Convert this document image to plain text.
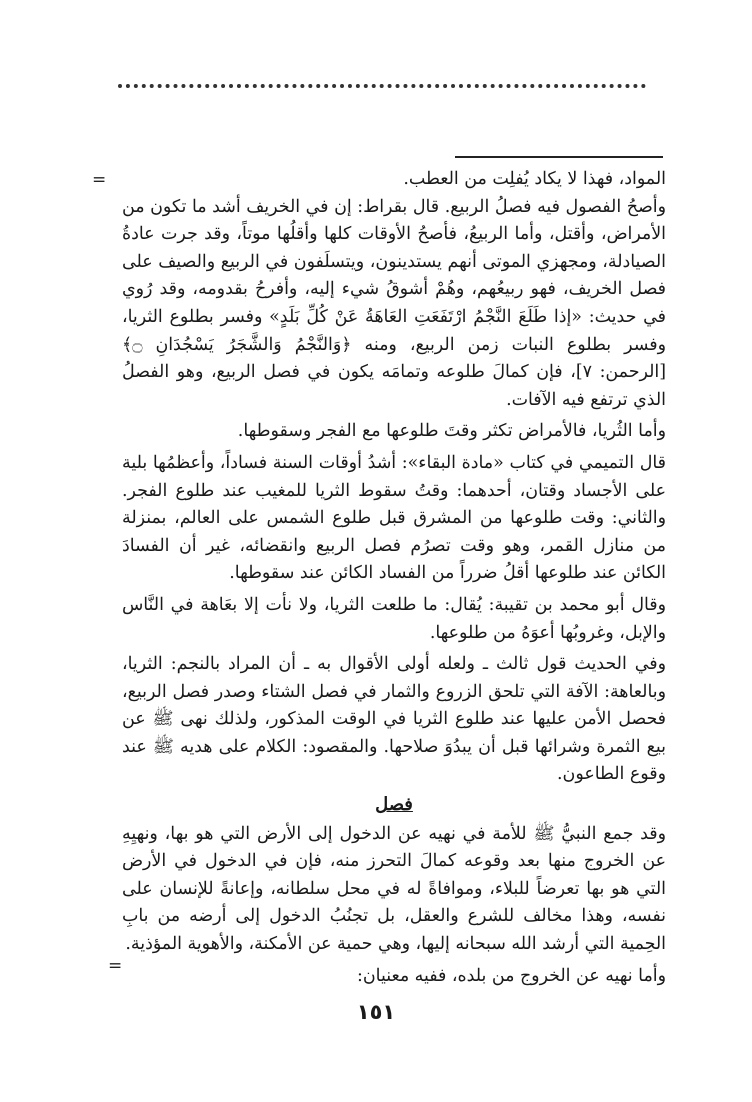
=	المواد، فهذا لا يكاد يُفلِت من العطب.

وأصحُ الفصول فيه فصلُ الربيع. قال بقراط: إن في الخريف أشد ما تكون من الأمراض، وأقتل، وأما الربيعُ، فأصحُ الأوقات كلها وأقلُها موتاً، وقد جرت عادةُ الصيادلة، ومجهزي الموتى أنهم يستدينون، ويتسلَفون في الربيع والصيف على فصل الخريف، فهو ربيعُهم، وهُمْ أشوقُ شيء إليه، وأفرحُ بقدومه، وقد رُوي في حديث: «إذا طَلَعَ النَّجْمُ ارْتَفَعَتِ العَاهَةُ عَنْ كُلِّ بَلَدٍ» وفسر بطلوع الثريا، وفسر بطلوع النبات زمن الربيع، ومنه ﴿وَالنَّجْمُ وَالشَّجَرُ يَسْجُدَانِ ۝﴾ [الرحمن: ٧]، فإن كمالَ طلوعه وتمامَه يكون في فصل الربيع، وهو الفصلُ الذي ترتفع فيه الآفات.

وأما الثُريا، فالأمراض تكثر وقتَ طلوعها مع الفجر وسقوطها.

قال التميمي في كتاب «مادة البقاء»: أشدُ أوقات السنة فساداً، وأعظمُها بلية على الأجساد وقتان، أحدهما: وقتُ سقوط الثريا للمغيب عند طلوع الفجر. والثاني: وقت طلوعها من المشرق قبل طلوع الشمس على العالم، بمنزلة من منازل القمر، وهو وقت تصرُم فصل الربيع وانقضائه، غير أن الفسادَ الكائن عند طلوعها أقلُ ضرراً من الفساد الكائن عند سقوطها.

وقال أبو محمد بن تقيبة: يُقال: ما طلعت الثريا، ولا نأت إلا بعَاهة في النَّاس والإبل، وغروبُها أعوَهُ من طلوعها.

وفي الحديث قول ثالث ـ ولعله أولى الأقوال به ـ أن المراد بالنجم: الثريا، وبالعاهة: الآفة التي تلحق الزروع والثمار في فصل الشتاء وصدر فصل الربيع، فحصل الأمن عليها عند طلوع الثريا في الوقت المذكور، ولذلك نهى ﷺ عن بيع الثمرة وشرائها قبل أن يبدُوَ صلاحها. والمقصود: الكلام على هديه ﷺ عند وقوع الطاعون.

فصل

وقد جمع النبيُّ ﷺ للأمة في نهيه عن الدخول إلى الأرض التي هو بها، ونهيِهِ عن الخروج منها بعد وقوعه كمالَ التحرز منه، فإن في الدخول في الأرض التي هو بها تعرضاً للبلاء، وموافاةً له في محل سلطانه، وإعانةً للإنسان على نفسه، وهذا مخالف للشرع والعقل، بل تجنُبُ الدخول إلى أرضه من بابِ الحِمية التي أرشد الله سبحانه إليها، وهي حمية عن الأمكنة، والأهوية المؤذية.

وأما نهيه عن الخروج من بلده، ففيه معنيان:

=
١٥١
